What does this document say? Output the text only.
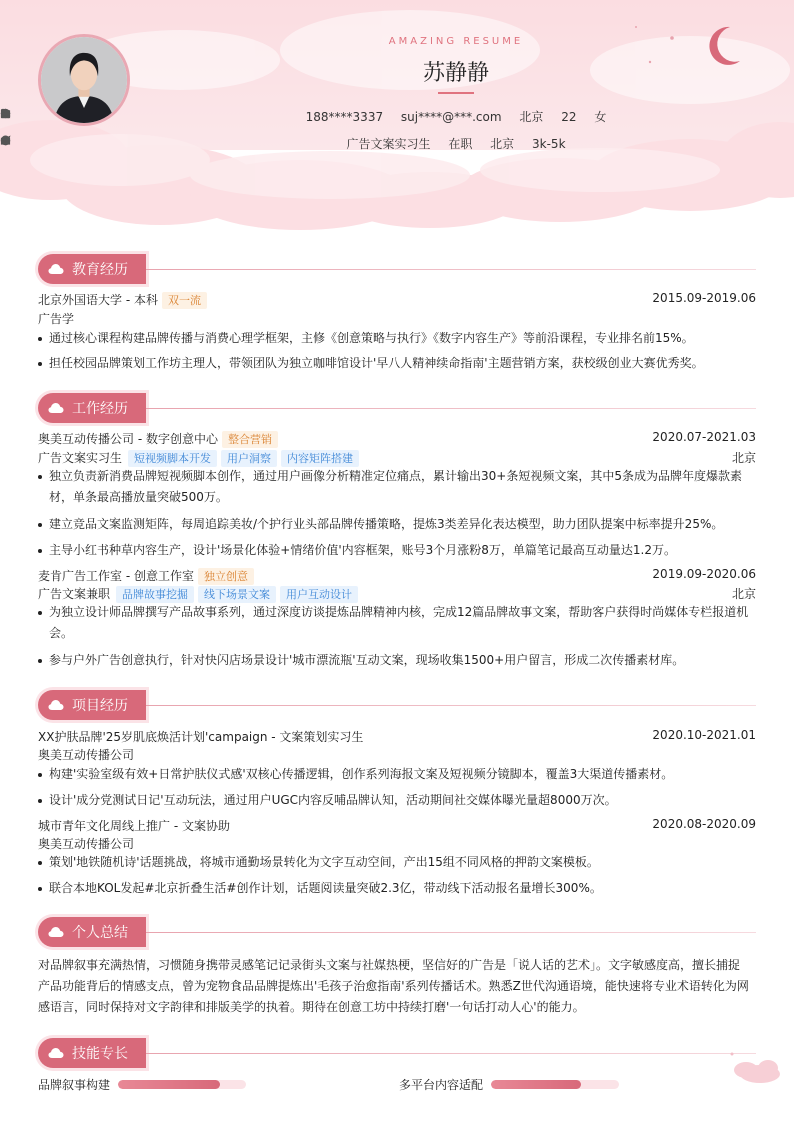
AMAZING RESUME
苏静静
188****3337
suj****@***.com
北京
22
女
广告文案实习生
在职
北京
3k-5k
教育经历
北京外国语大学 - 本科 双一流	2015.09-2019.06
广告学
通过核心课程构建品牌传播与消费心理学框架，主修《创意策略与执行》《数字内容生产》等前沿课程，专业排名前15%。
担任校园品牌策划工作坊主理人，带领团队为独立咖啡馆设计'早八人精神续命指南'主题营销方案，获校级创业大赛优秀奖。
工作经历
奥美互动传播公司 - 数字创意中心 整合营销	2020.07-2021.03
广告文案实习生 短视频脚本开发 用户洞察 内容矩阵搭建	北京
独立负责新消费品牌短视频脚本创作，通过用户画像分析精准定位痛点，累计输出30+条短视频文案，其中5条成为品牌年度爆款素材，单条最高播放量突破500万。
建立竞品文案监测矩阵，每周追踪美妆/个护行业头部品牌传播策略，提炼3类差异化表达模型，助力团队提案中标率提升25%。
主导小红书种草内容生产，设计'场景化体验+情绪价值'内容框架，账号3个月涨粉8万，单篇笔记最高互动量达1.2万。
麦肯广告工作室 - 创意工作室 独立创意	2019.09-2020.06
广告文案兼职 品牌故事挖掘 线下场景文案 用户互动设计	北京
为独立设计师品牌撰写产品故事系列，通过深度访谈提炼品牌精神内核，完成12篇品牌故事文案，帮助客户获得时尚媒体专栏报道机会。
参与户外广告创意执行，针对快闪店场景设计'城市漂流瓶'互动文案，现场收集1500+用户留言，形成二次传播素材库。
项目经历
XX护肤品牌'25岁肌底焕活计划'campaign - 文案策划实习生	2020.10-2021.01
奥美互动传播公司
构建'实验室级有效+日常护肤仪式感'双核心传播逻辑，创作系列海报文案及短视频分镜脚本，覆盖3大渠道传播素材。
设计'成分党测试日记'互动玩法，通过用户UGC内容反哺品牌认知，活动期间社交媒体曝光量超8000万次。
城市青年文化周线上推广 - 文案协助	2020.08-2020.09
奥美互动传播公司
策划'地铁随机诗'话题挑战，将城市通勤场景转化为文字互动空间，产出15组不同风格的押韵文案模板。
联合本地KOL发起#北京折叠生活#创作计划，话题阅读量突破2.3亿，带动线下活动报名量增长300%。
个人总结
对品牌叙事充满热情，习惯随身携带灵感笔记记录街头文案与社媒热梗，坚信好的广告是「说人话的艺术」。文字敏感度高，擅长捕捉
产品功能背后的情感支点，曾为宠物食品品牌提炼出'毛孩子治愈指南'系列传播话术。熟悉Z世代沟通语境，能快速将专业术语转化为网
感语言，同时保持对文字韵律和排版美学的执着。期待在创意工坊中持续打磨'一句话打动人心'的能力。
技能专长
品牌叙事构建	多平台内容适配
